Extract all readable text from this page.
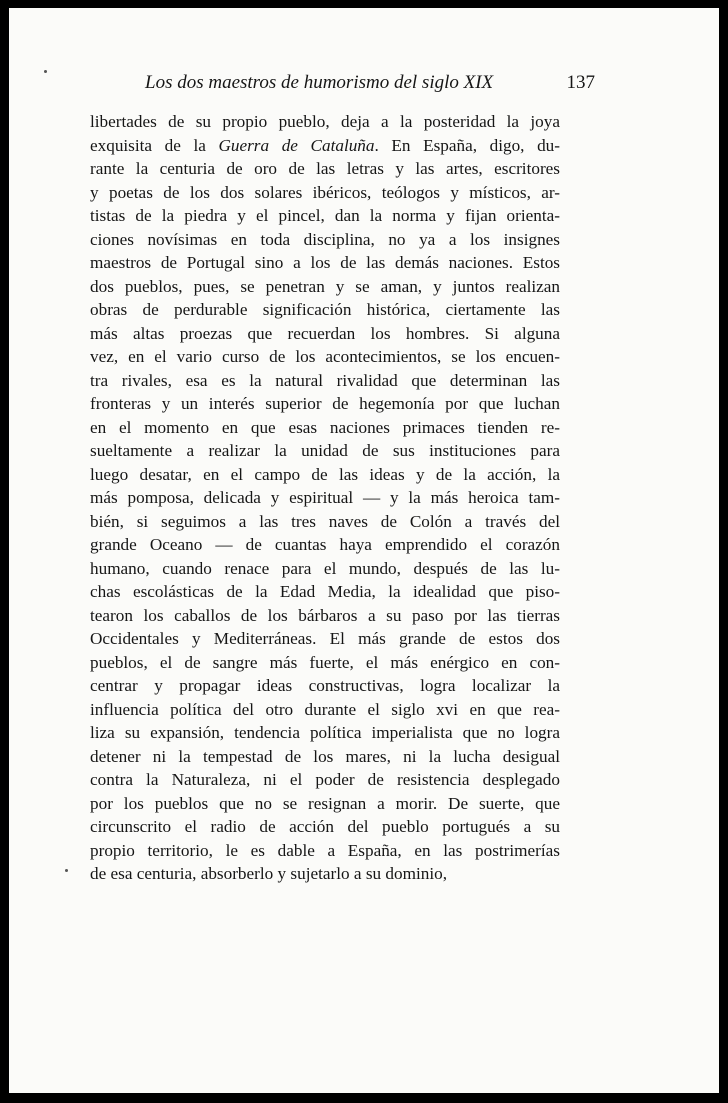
Los dos maestros de humorismo del siglo XIX	137
libertades de su propio pueblo, deja a la posteridad la joya
exquisita de la Guerra de Cataluña. En España, digo, du-
rante la centuria de oro de las letras y las artes, escritores
y poetas de los dos solares ibéricos, teólogos y místicos, ar-
tistas de la piedra y el pincel, dan la norma y fijan orienta-
ciones novísimas en toda disciplina, no ya a los insignes
maestros de Portugal sino a los de las demás naciones. Estos
dos pueblos, pues, se penetran y se aman, y juntos realizan
obras de perdurable significación histórica, ciertamente las
más altas proezas que recuerdan los hombres. Si alguna
vez, en el vario curso de los acontecimientos, se los encuen-
tra rivales, esa es la natural rivalidad que determinan las
fronteras y un interés superior de hegemonía por que luchan
en el momento en que esas naciones primaces tienden re-
sueltamente a realizar la unidad de sus instituciones para
luego desatar, en el campo de las ideas y de la acción, la
más pomposa, delicada y espiritual — y la más heroica tam-
bién, si seguimos a las tres naves de Colón a través del
grande Oceano — de cuantas haya emprendido el corazón
humano, cuando renace para el mundo, después de las lu-
chas escolásticas de la Edad Media, la idealidad que piso-
tearon los caballos de los bárbaros a su paso por las tierras
Occidentales y Mediterráneas. El más grande de estos dos
pueblos, el de sangre más fuerte, el más enérgico en con-
centrar y propagar ideas constructivas, logra localizar la
influencia política del otro durante el siglo xvi en que rea-
liza su expansión, tendencia política imperialista que no logra
detener ni la tempestad de los mares, ni la lucha desigual
contra la Naturaleza, ni el poder de resistencia desplegado
por los pueblos que no se resignan a morir. De suerte, que
circunscrito el radio de acción del pueblo portugués a su
propio territorio, le es dable a España, en las postrimerías
de esa centuria, absorberlo y sujetarlo a su dominio,
